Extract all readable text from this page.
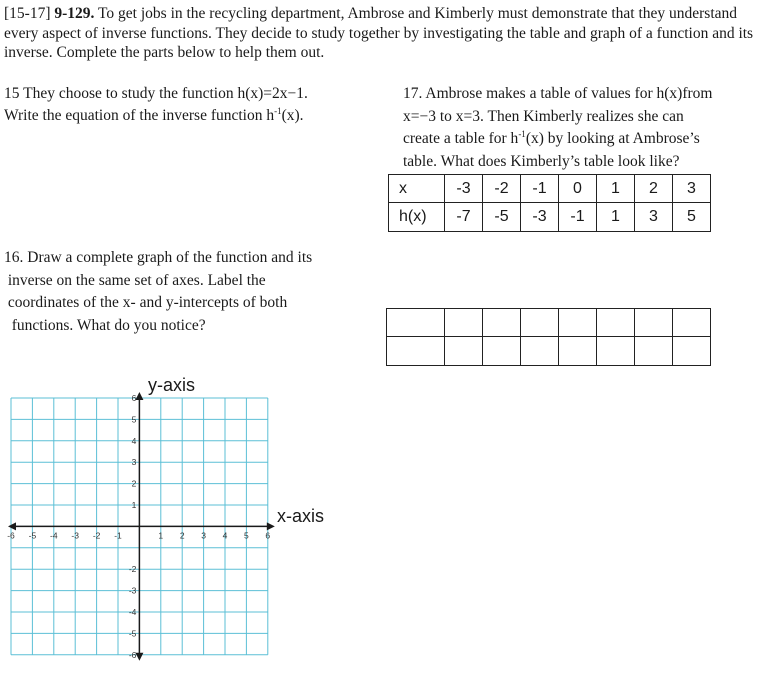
[15-17] 9-129. To get jobs in the recycling department, Ambrose and Kimberly must demonstrate that they understand every aspect of inverse functions. They decide to study together by investigating the table and graph of a function and its inverse. Complete the parts below to help them out.
15 They choose to study the function h(x)=2x−1.
Write the equation of the inverse function $h^{-1}(x)$.
17. Ambrose makes a table of values for h(x)from
x=−3 to x=3. Then Kimberly realizes she can
create a table for $h^{-1}(x)$ by looking at Ambrose’s
table. What does Kimberly’s table look like?
x	-3	-2	-1	0	1	2	3
h(x)	-7	-5	-3	-1	1	3	5
16. Draw a complete graph of the function and its
inverse on the same set of axes. Label the
coordinates of the x- and y-intercepts of both
functions. What do you notice?

y-axis
x-axis
-6 -5 -4 -3 -2 -1	1 2 3 4 5 6
6
5
4
3
2
1
-2
-3
-4
-5
-6
